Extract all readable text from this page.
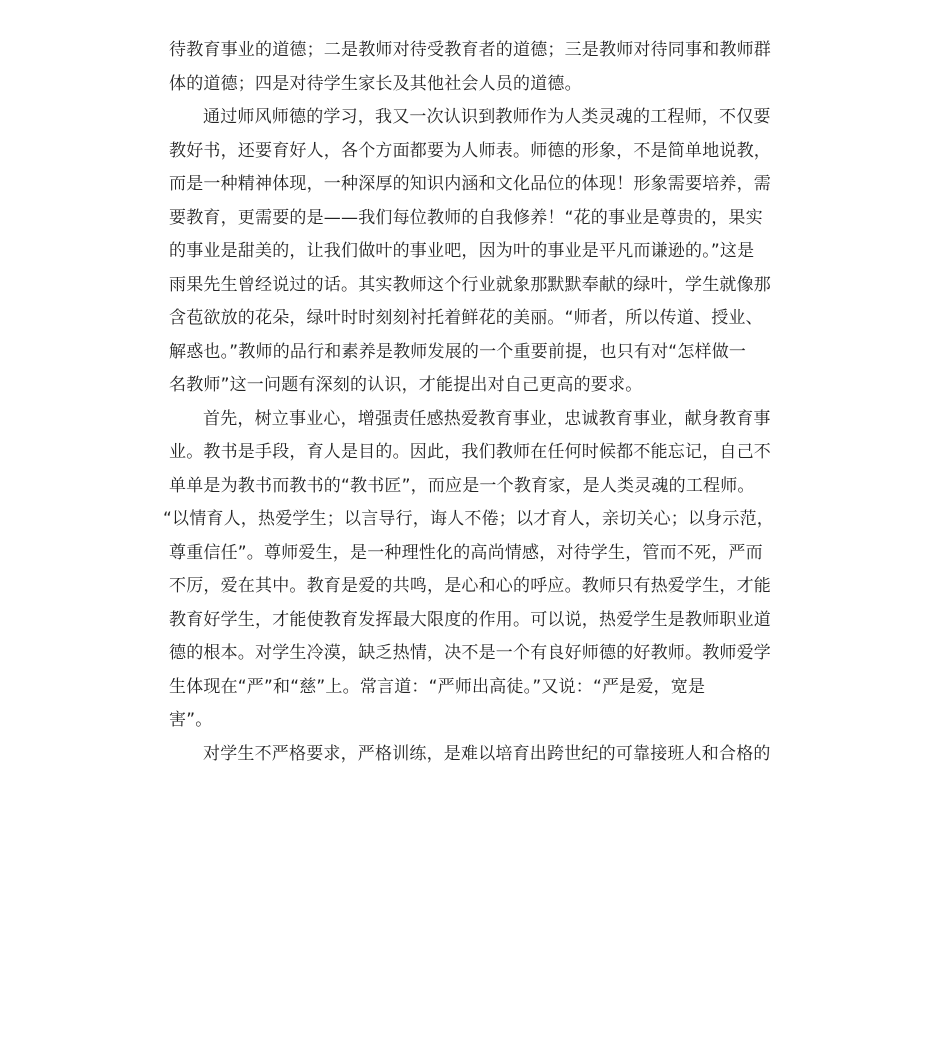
待教育事业的道德；二是教师对待受教育者的道德；三是教师对待同事和教师群
体的道德；四是对待学生家长及其他社会人员的道德。
通过师风师德的学习，我又一次认识到教师作为人类灵魂的工程师，不仅要
教好书，还要育好人，各个方面都要为人师表。师德的形象，不是简单地说教，
而是一种精神体现，一种深厚的知识内涵和文化品位的体现！形象需要培养，需
要教育，更需要的是——我们每位教师的自我修养！“花的事业是尊贵的，果实
的事业是甜美的，让我们做叶的事业吧，因为叶的事业是平凡而谦逊的。”这是
雨果先生曾经说过的话。其实教师这个行业就象那默默奉献的绿叶，学生就像那
含苞欲放的花朵，绿叶时时刻刻衬托着鲜花的美丽。“师者，所以传道、授业、
解惑也。”教师的品行和素养是教师发展的一个重要前提，也只有对“怎样做一
名教师”这一问题有深刻的认识，才能提出对自己更高的要求。
首先，树立事业心，增强责任感热爱教育事业，忠诚教育事业，献身教育事
业。教书是手段，育人是目的。因此，我们教师在任何时候都不能忘记，自己不
单单是为教书而教书的“教书匠”，而应是一个教育家，是人类灵魂的工程师。
“以情育人，热爱学生；以言导行，诲人不倦；以才育人，亲切关心；以身示范，
尊重信任”。尊师爱生，是一种理性化的高尚情感，对待学生，管而不死，严而
不厉，爱在其中。教育是爱的共鸣，是心和心的呼应。教师只有热爱学生，才能
教育好学生，才能使教育发挥最大限度的作用。可以说，热爱学生是教师职业道
德的根本。对学生冷漠，缺乏热情，决不是一个有良好师德的好教师。教师爱学
生体现在“严”和“慈”上。常言道：“严师出高徒。”又说：“严是爱，宽是
害”。
对学生不严格要求，严格训练，是难以培育出跨世纪的可靠接班人和合格的
